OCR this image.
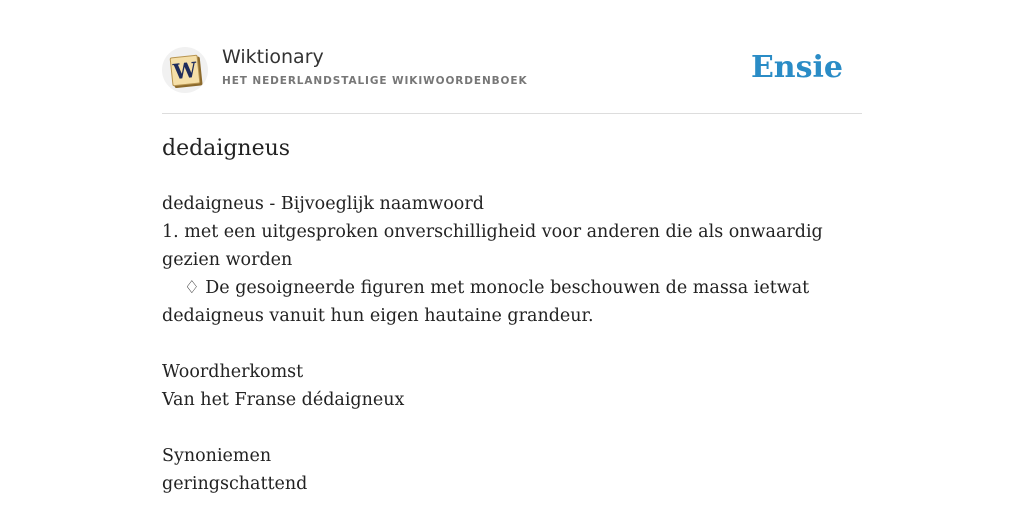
W Wiktionary
HET NEDERLANDSTALIGE WIKIWOORDENBOEK	Ensie
dedaigneus

dedaigneus - Bijvoeglijk naamwoord

1. met een uitgesproken onverschilligheid voor anderen die als onwaardig gezien worden

♢ De gesoigneerde figuren met monocle beschouwen de massa ietwat dedaigneus vanuit hun eigen hautaine grandeur.

Woordherkomst

Van het Franse dédaigneux

Synoniemen

geringschattend
